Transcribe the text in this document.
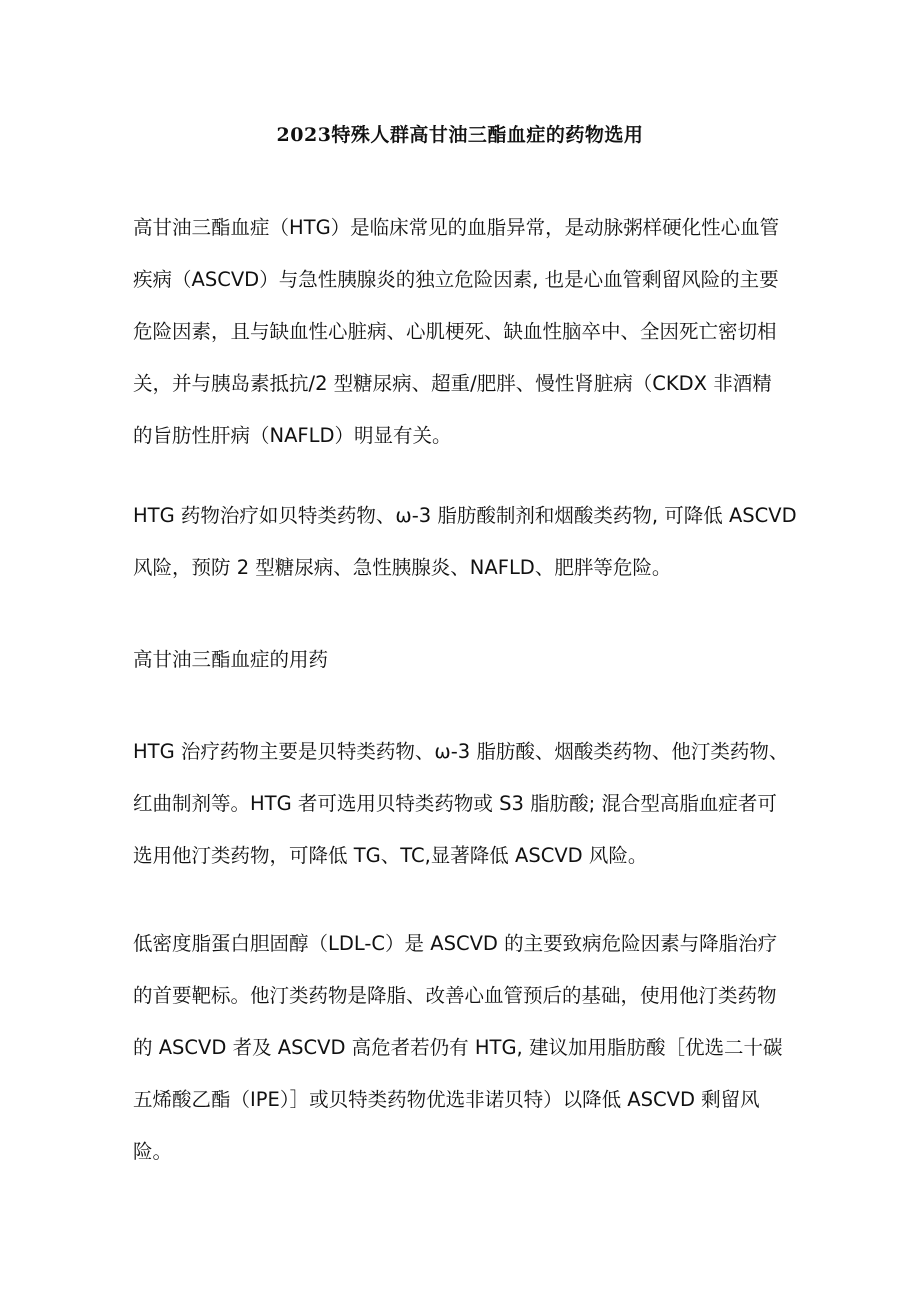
2023特殊人群高甘油三酯血症的药物选用
高甘油三酯血症（HTG）是临床常见的血脂异常，是动脉粥样硬化性心血管
疾病（ASCVD）与急性胰腺炎的独立危险因素, 也是心血管剩留风险的主要
危险因素，且与缺血性心脏病、心肌梗死、缺血性脑卒中、全因死亡密切相
关，并与胰岛素抵抗/2 型糖尿病、超重/肥胖、慢性肾脏病（CKDX 非酒精
的旨肪性肝病（NAFLD）明显有关。
HTG 药物治疗如贝特类药物、ω-3 脂肪酸制剂和烟酸类药物, 可降低 ASCVD
风险，预防 2 型糖尿病、急性胰腺炎、NAFLD、肥胖等危险。
高甘油三酯血症的用药
HTG 治疗药物主要是贝特类药物、ω-3 脂肪酸、烟酸类药物、他汀类药物、
红曲制剂等。HTG 者可选用贝特类药物或 S3 脂肪酸; 混合型高脂血症者可
选用他汀类药物，可降低 TG、TC,显著降低 ASCVD 风险。
低密度脂蛋白胆固醇（LDL-C）是 ASCVD 的主要致病危险因素与降脂治疗
的首要靶标。他汀类药物是降脂、改善心血管预后的基础，使用他汀类药物
的 ASCVD 者及 ASCVD 高危者若仍有 HTG, 建议加用脂肪酸［优选二十碳
五烯酸乙酯（IPE）］或贝特类药物优选非诺贝特）以降低 ASCVD 剩留风
险。
